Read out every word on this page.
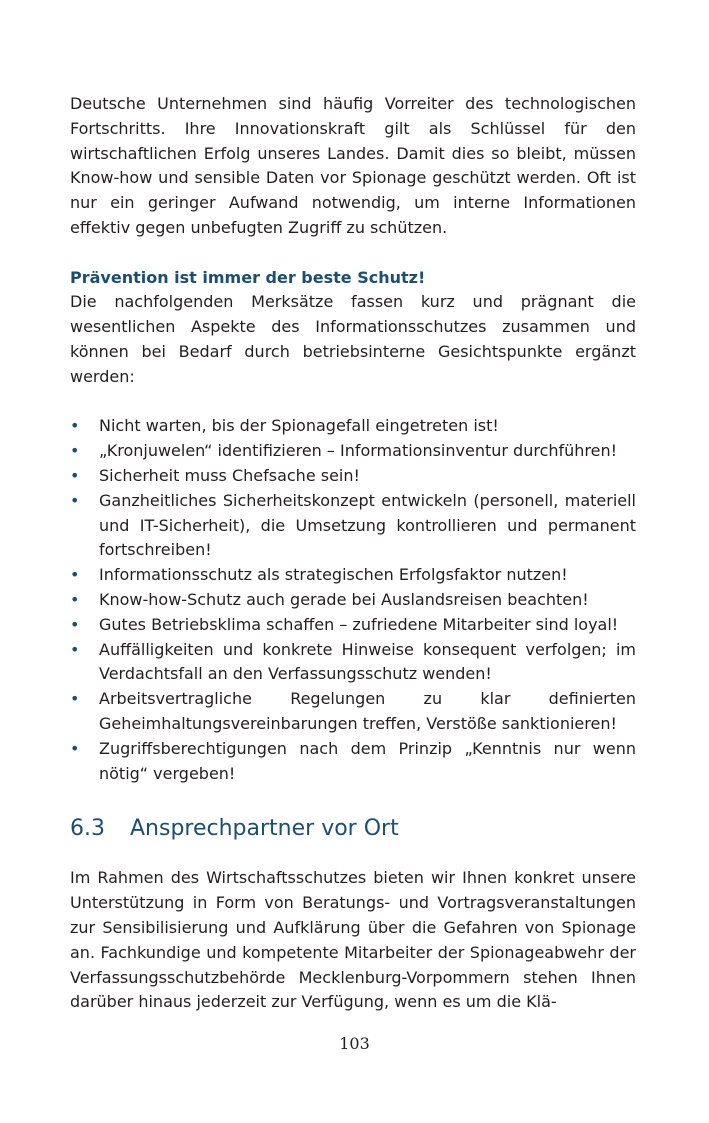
Deutsche Unternehmen sind häufig Vorreiter des technologischen Fortschritts. Ihre Innovationskraft gilt als Schlüssel für den wirtschaftlichen Erfolg unseres Landes. Damit dies so bleibt, müssen Know-how und sensible Daten vor Spionage geschützt werden. Oft ist nur ein geringer Aufwand notwendig, um interne Informationen effektiv gegen unbefugten Zugriff zu schützen.

Prävention ist immer der beste Schutz!

Die nachfolgenden Merksätze fassen kurz und prägnant die wesentlichen Aspekte des Informationsschutzes zusammen und können bei Bedarf durch betriebsinterne Gesichtspunkte ergänzt werden:

• Nicht warten, bis der Spionagefall eingetreten ist!
• „Kronjuwelen“ identifizieren – Informationsinventur durchführen!
• Sicherheit muss Chefsache sein!
• Ganzheitliches Sicherheitskonzept entwickeln (personell, materiell und IT-Sicherheit), die Umsetzung kontrollieren und permanent fortschreiben!
• Informationsschutz als strategischen Erfolgsfaktor nutzen!
• Know-how-Schutz auch gerade bei Auslandsreisen beachten!
• Gutes Betriebsklima schaffen – zufriedene Mitarbeiter sind loyal!
• Auffälligkeiten und konkrete Hinweise konsequent verfolgen; im Verdachtsfall an den Verfassungsschutz wenden!
• Arbeitsvertragliche Regelungen zu klar definierten Geheimhaltungsvereinbarungen treffen, Verstöße sanktionieren!
• Zugriffsberechtigungen nach dem Prinzip „Kenntnis nur wenn nötig“ vergeben!
6.3	Ansprechpartner vor Ort

Im Rahmen des Wirtschaftsschutzes bieten wir Ihnen konkret unsere Unterstützung in Form von Beratungs- und Vortragsveranstaltungen zur Sensibilisierung und Aufklärung über die Gefahren von Spionage an. Fachkundige und kompetente Mitarbeiter der Spionageabwehr der Verfassungsschutzbehörde Mecklenburg-Vorpommern stehen Ihnen darüber hinaus jederzeit zur Verfügung, wenn es um die Klä-

103
